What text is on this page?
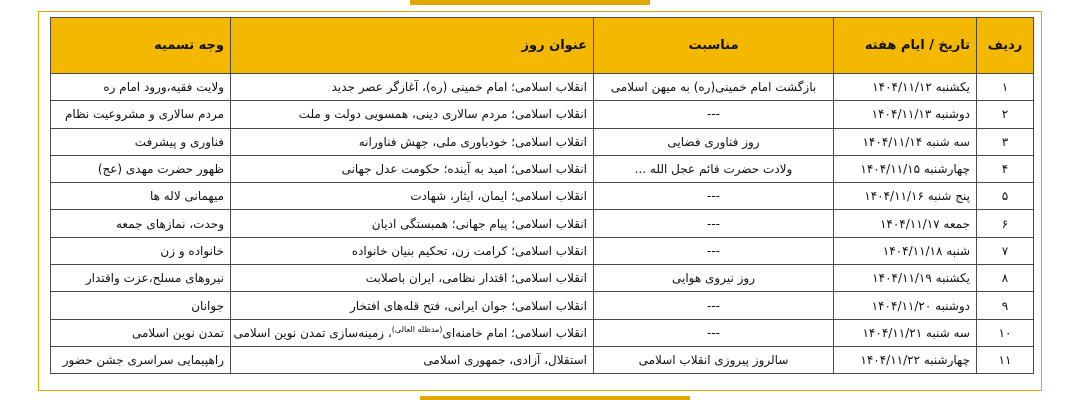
ردیف	تاریخ / ایام هفته	مناسبت	عنوان روز	وجه تسمیه
۱	یکشنبه ۱۴۰۴/۱۱/۱۲	بازگشت امام خمینی(ره) به میهن اسلامی	انقلاب اسلامی؛ امام خمینی (ره)، آغازگر عصر جدید	ولایت فقیه،ورود امام ره
۲	دوشنبه ۱۴۰۴/۱۱/۱۳	---	انقلاب اسلامی؛ مردم سالاری دینی، همسویی دولت و ملت	مردم سالاری و مشروعیت نظام
۳	سه شنبه ۱۴۰۴/۱۱/۱۴	روز فناوری فضایی	انقلاب اسلامی؛ خودباوری ملی، جهش فناورانه	فناوری و پیشرفت
۴	چهارشنبه ۱۴۰۴/۱۱/۱۵	ولادت حضرت قائم عجل الله ...	انقلاب اسلامی؛ امید به آینده؛ حکومت عدل جهانی	ظهور حضرت مهدی (عج)
۵	پنج شنبه ۱۴۰۴/۱۱/۱۶	---	انقلاب اسلامی؛ ایمان، ایثار، شهادت	میهمانی لاله ها
۶	جمعه ۱۴۰۴/۱۱/۱۷	---	انقلاب اسلامی؛ پیام جهانی؛ همبستگی ادیان	وحدت، نمازهای جمعه
۷	شنبه ۱۴۰۴/۱۱/۱۸	---	انقلاب اسلامی؛ کرامت زن، تحکیم بنیان خانواده	خانواده و زن
۸	یکشنبه ۱۴۰۴/۱۱/۱۹	روز نیروی هوایی	انقلاب اسلامی؛ اقتدار نظامی، ایران باصلابت	نیروهای مسلح،عزت واقتدار
۹	دوشنبه ۱۴۰۴/۱۱/۲۰	---	انقلاب اسلامی؛ جوان ایرانی، فتح قله‌های افتخار	جوانان
۱۰	سه شنبه ۱۴۰۴/۱۱/۲۱	---	انقلاب اسلامی؛ امام خامنه‌ای$^{(مدظله العالی)}$، زمینه‌سازی تمدن نوین اسلامی	تمدن نوین اسلامی
۱۱	چهارشنبه ۱۴۰۴/۱۱/۲۲	سالروز پیروزی انقلاب اسلامی	استقلال، آزادی، جمهوری اسلامی	راهپیمایی سراسری جشن حضور
